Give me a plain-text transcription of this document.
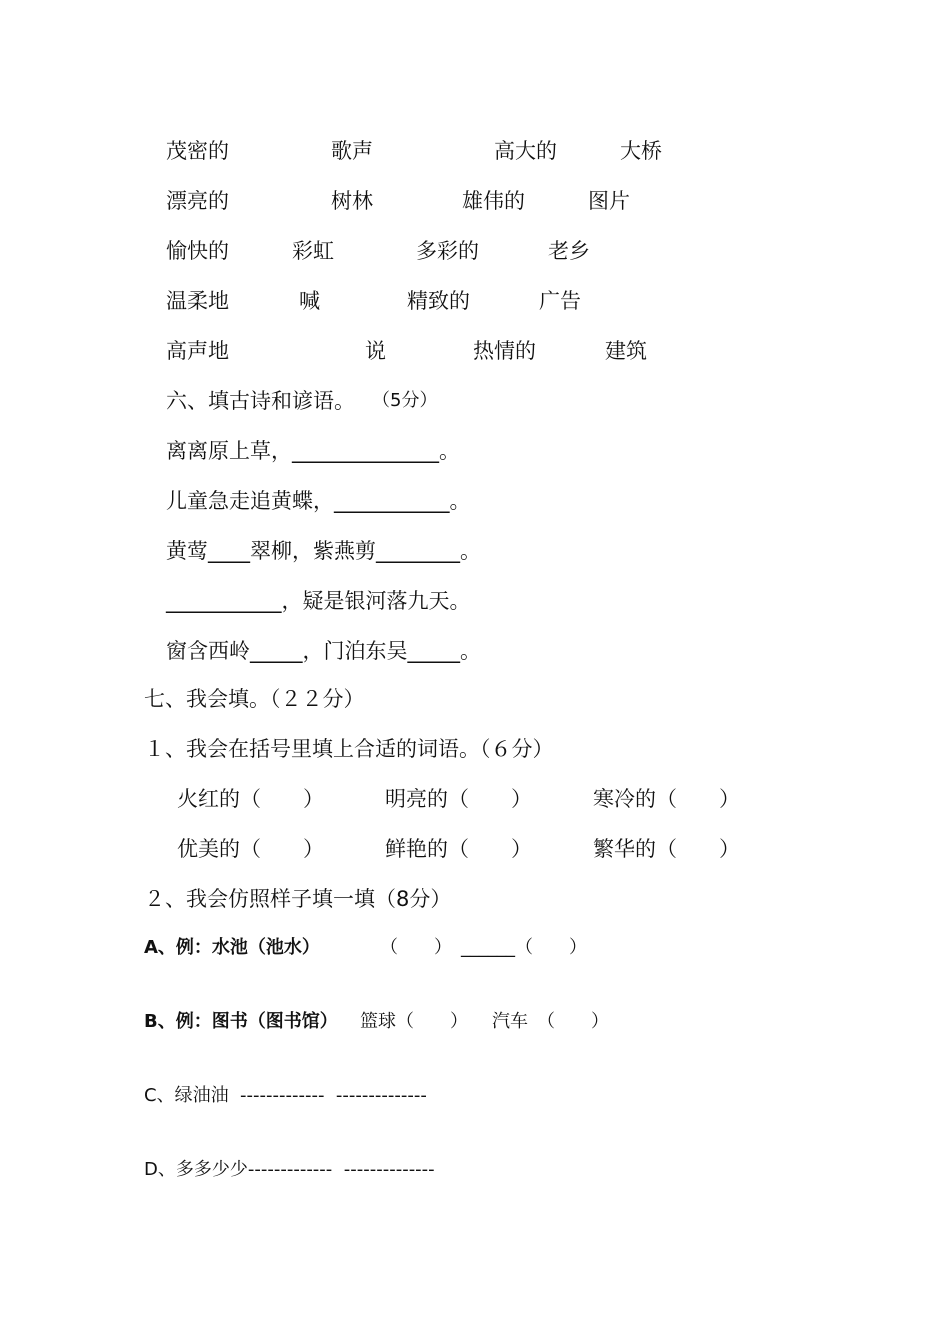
茂密的	歌声	高大的	大桥
漂亮的	树林	雄伟的	图片
愉快的	彩虹	多彩的	老乡
温柔地	喊	精致的	广告
高声地	说	热情的	建筑
六、填古诗和谚语。 （5分）
离离原上草，______________。
儿童急走追黄蝶，___________。
黄莺____翠柳，紫燕剪________。
___________，疑是银河落九天。
窗含西岭_____，门泊东吴_____。
七、我会填。（２２分）
１、我会在括号里填上合适的词语。（６分）
火红的（　　）	明亮的（　　）	寒冷的（　　）
优美的（　　）	鲜艳的（　　）	繁华的（　　）
２、我会仿照样子填一填（8分）
A、例：水池（池水）	（　　）　______（　　）
B、例：图书（图书馆） 篮球（　　） 汽车　（　　）
C、绿油油  -------------  --------------
D、多多少少-------------  --------------
